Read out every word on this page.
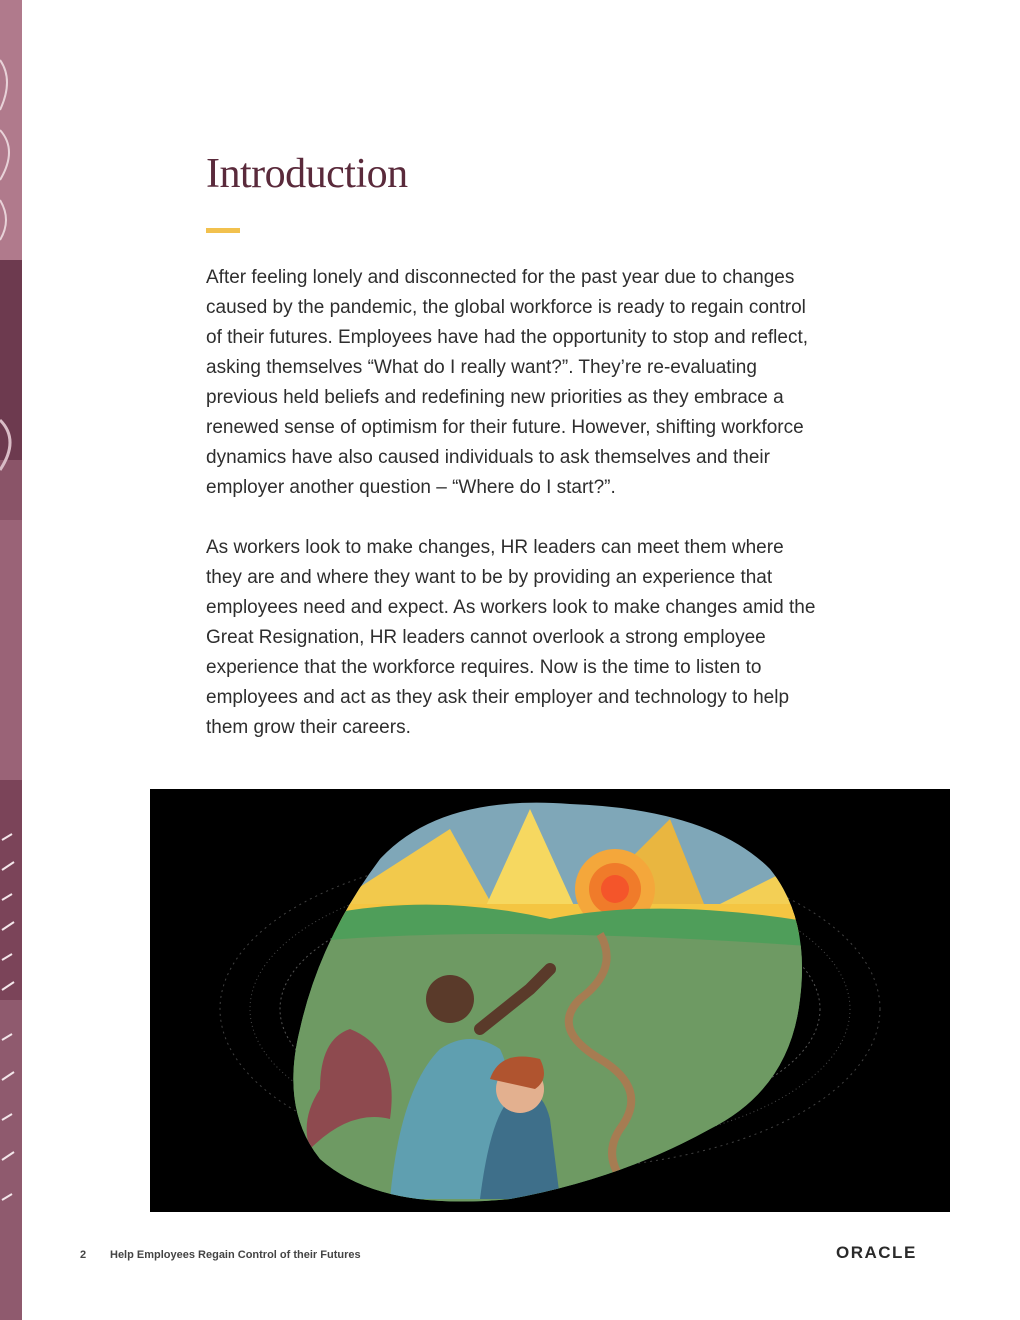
Introduction

After feeling lonely and disconnected for the past year due to changes caused by the pandemic, the global workforce is ready to regain control of their futures. Employees have had the opportunity to stop and reflect, asking themselves “What do I really want?”. They’re re-evaluating previous held beliefs and redefining new priorities as they embrace a renewed sense of optimism for their future. However, shifting workforce dynamics have also caused individuals to ask themselves and their employer another question – “Where do I start?”.

As workers look to make changes, HR leaders can meet them where they are and where they want to be by providing an experience that employees need and expect. As workers look to make changes amid the Great Resignation, HR leaders cannot overlook a strong employee experience that the workforce requires. Now is the time to listen to employees and act as they ask their employer and technology to help them grow their careers.

2 Help Employees Regain Control of their Futures	ORACLE
